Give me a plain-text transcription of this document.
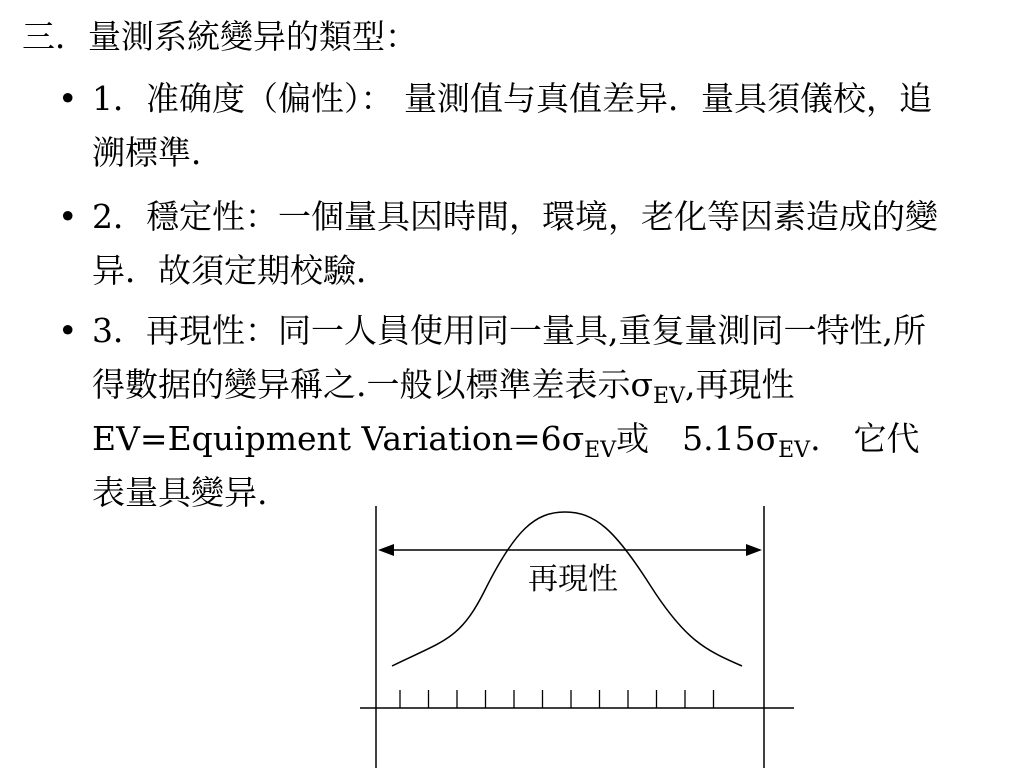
三．量測系統變异的類型：
• 1．准确度（偏性）： 量測值与真值差异．量具須儀校，追溯標準．
• 2．穩定性：一個量具因時間，環境，老化等因素造成的變异．故須定期校驗．
• 3．再現性：同一人員使用同一量具,重复量測同一特性,所得數据的變异稱之.一般以標準差表示$\sigma_{EV}$,再現性EV=Equipment $Variation=6\sigma_{EV}$或　$5.15\sigma_{EV}$.　它代表量具變异.
再現性
